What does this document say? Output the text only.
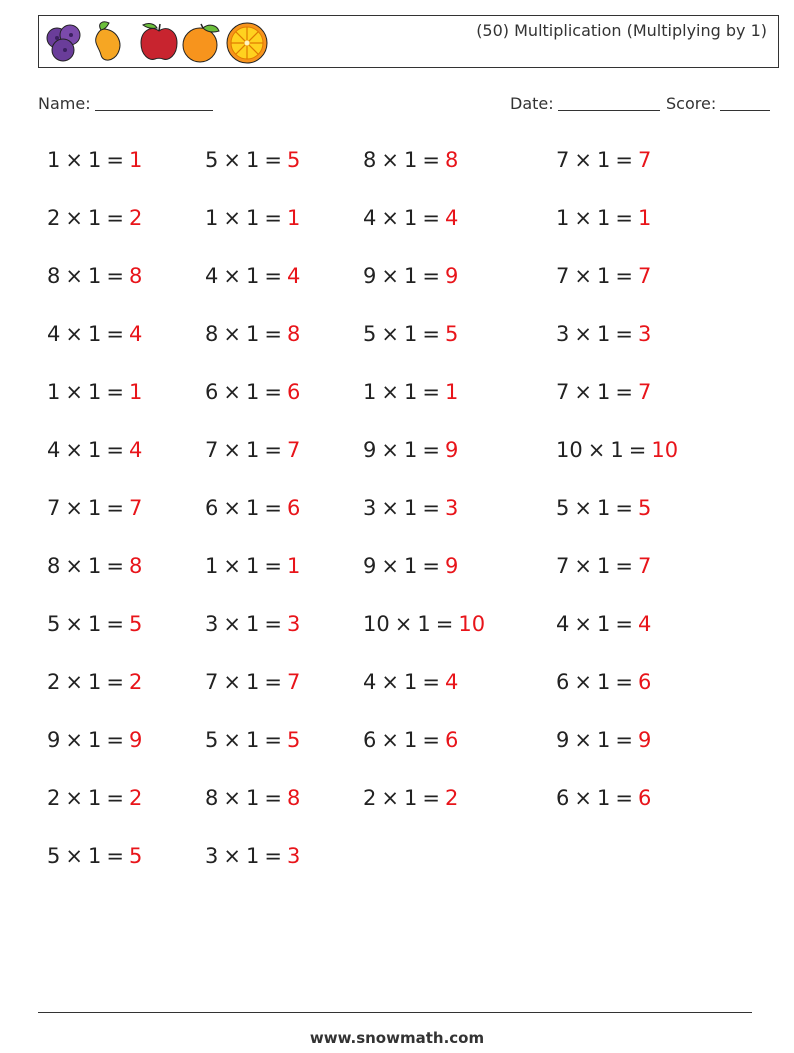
(50) Multiplication (Multiplying by 1)
Name:	Date:	Score:
1 × 1 = 1
2 × 1 = 2
8 × 1 = 8
4 × 1 = 4
1 × 1 = 1
4 × 1 = 4
7 × 1 = 7
8 × 1 = 8
5 × 1 = 5
2 × 1 = 2
9 × 1 = 9
2 × 1 = 2
5 × 1 = 5
5 × 1 = 5
1 × 1 = 1
4 × 1 = 4
8 × 1 = 8
6 × 1 = 6
7 × 1 = 7
6 × 1 = 6
1 × 1 = 1
3 × 1 = 3
7 × 1 = 7
5 × 1 = 5
8 × 1 = 8
3 × 1 = 3
8 × 1 = 8
4 × 1 = 4
9 × 1 = 9
5 × 1 = 5
1 × 1 = 1
9 × 1 = 9
3 × 1 = 3
9 × 1 = 9
10 × 1 = 10
4 × 1 = 4
6 × 1 = 6
2 × 1 = 2
7 × 1 = 7
1 × 1 = 1
7 × 1 = 7
3 × 1 = 3
7 × 1 = 7
10 × 1 = 10
5 × 1 = 5
7 × 1 = 7
4 × 1 = 4
6 × 1 = 6
9 × 1 = 9
6 × 1 = 6
www.snowmath.com
